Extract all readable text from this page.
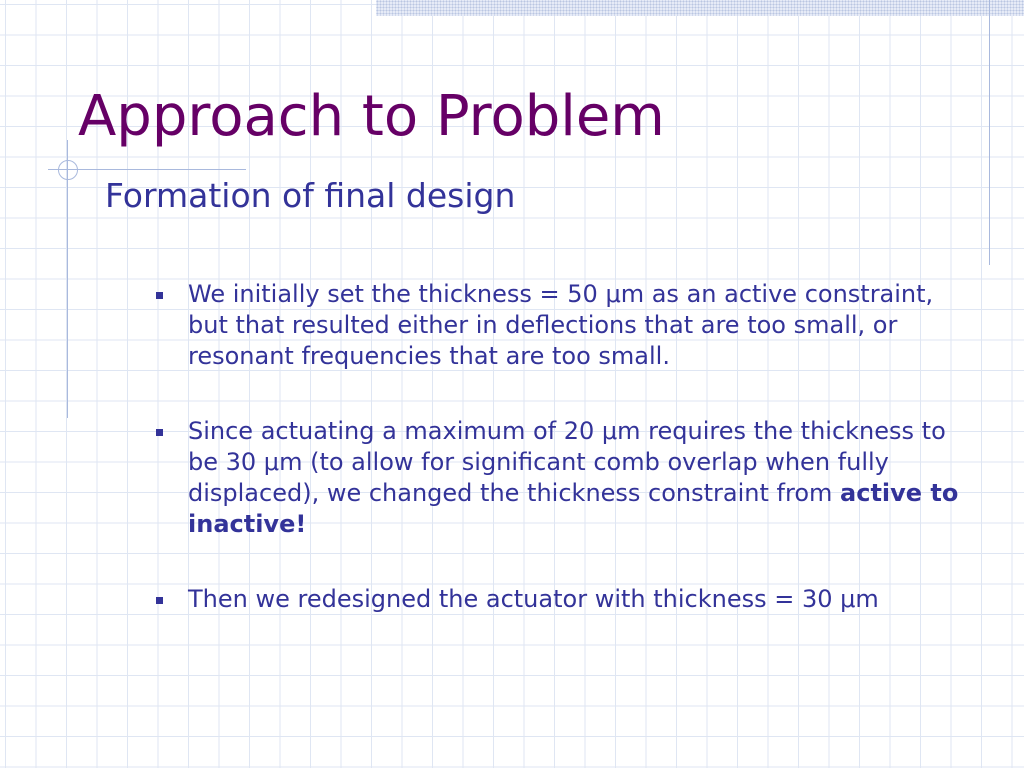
Approach to Problem
Formation of final design
We initially set the thickness = 50 μm as an active constraint, but that resulted either in deflections that are too small, or resonant frequencies that are too small.
Since actuating a maximum of 20 μm requires the thickness to be 30 μm (to allow for significant comb overlap when fully displaced), we changed the thickness constraint from active to inactive!
Then we redesigned the actuator with thickness = 30 μm
